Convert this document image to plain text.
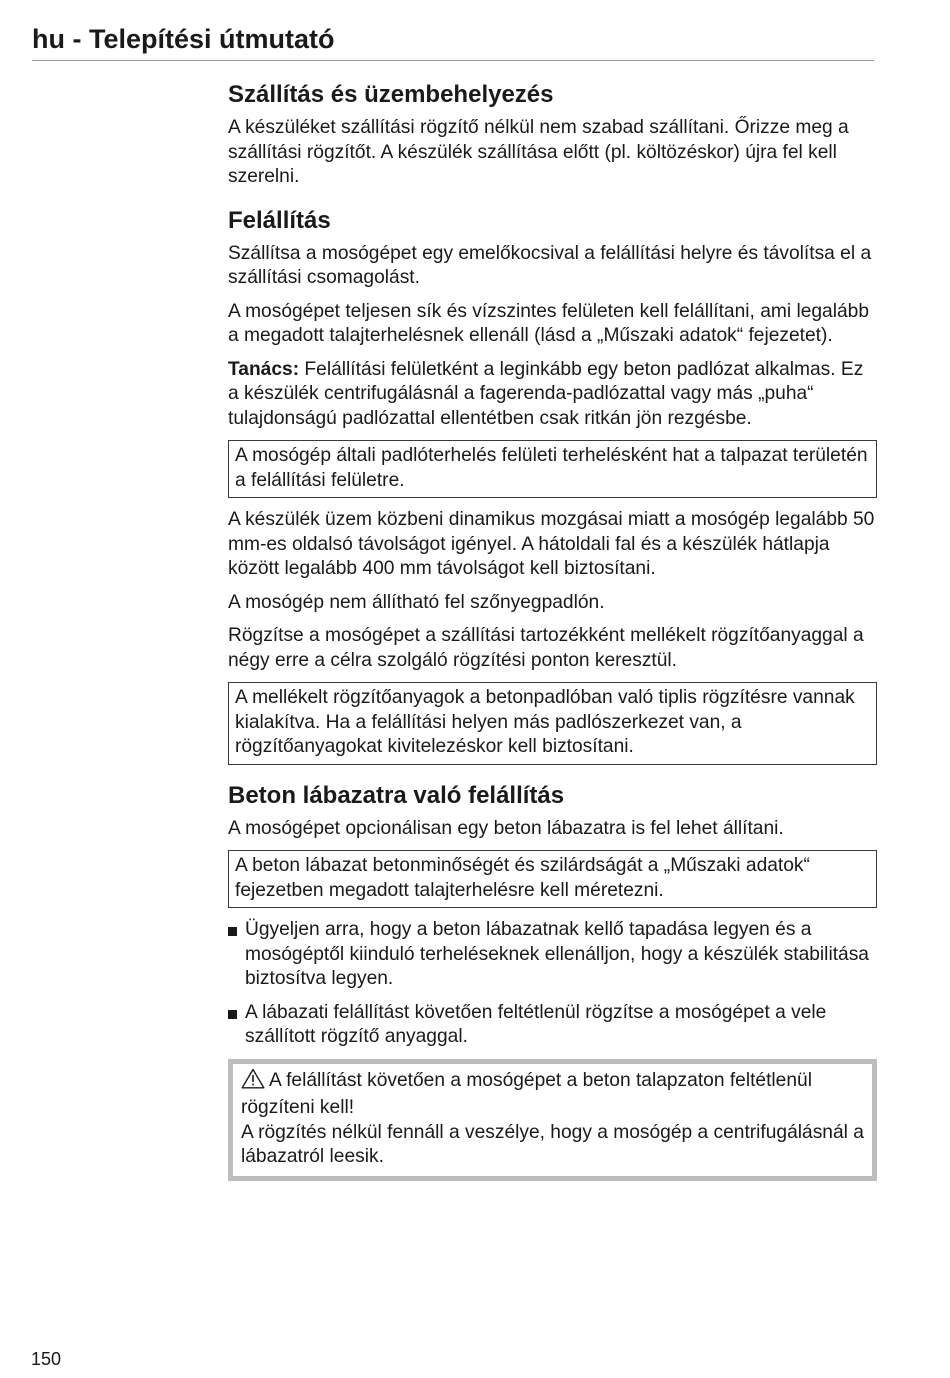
hu - Telepítési útmutató
Szállítás és üzembehelyezés

A készüléket szállítási rögzítő nélkül nem szabad szállítani. Őrizze meg a szállítási rögzítőt. A készülék szállítása előtt (pl. költözéskor) újra fel kell szerelni.

Felállítás

Szállítsa a mosógépet egy emelőkocsival a felállítási helyre és távolítsa el a szállítási csomagolást.

A mosógépet teljesen sík és vízszintes felületen kell felállítani, ami legalább a megadott talajterhelésnek ellenáll (lásd a „Műszaki adatok“ fejezetet).

Tanács: Felállítási felületként a leginkább egy beton padlózat alkalmas. Ez a készülék centrifugálásnál a fagerenda-padlózattal vagy más „puha“ tulajdonságú padlózattal ellentétben csak ritkán jön rezgésbe.

A mosógép általi padlóterhelés felületi terhelésként hat a talpazat területén a felállítási felületre.

A készülék üzem közbeni dinamikus mozgásai miatt a mosógép legalább 50 mm-es oldalsó távolságot igényel. A hátoldali fal és a készülék hátlapja között legalább 400 mm távolságot kell biztosítani.

A mosógép nem állítható fel szőnyegpadlón.

Rögzítse a mosógépet a szállítási tartozékként mellékelt rögzítőanyaggal a négy erre a célra szolgáló rögzítési ponton keresztül.

A mellékelt rögzítőanyagok a betonpadlóban való tiplis rögzítésre vannak kialakítva. Ha a felállítási helyen más padlószerkezet van, a rögzítőanyagokat kivitelezéskor kell biztosítani.
Beton lábazatra való felállítás

A mosógépet opcionálisan egy beton lábazatra is fel lehet állítani.

A beton lábazat betonminőségét és szilárdságát a „Műszaki adatok“ fejezetben megadott talajterhelésre kell méretezni.
Ügyeljen arra, hogy a beton lábazatnak kellő tapadása legyen és a mosógéptől kiinduló terheléseknek ellenálljon, hogy a készülék stabilitása biztosítva legyen.
A lábazati felállítást követően feltétlenül rögzítse a mosógépet a vele szállított rögzítő anyaggal.
A felállítást követően a mosógépet a beton talapzaton feltétlenül rögzíteni kell!
A rögzítés nélkül fennáll a veszélye, hogy a mosógép a centrifugálásnál a lábazatról leesik.
150
